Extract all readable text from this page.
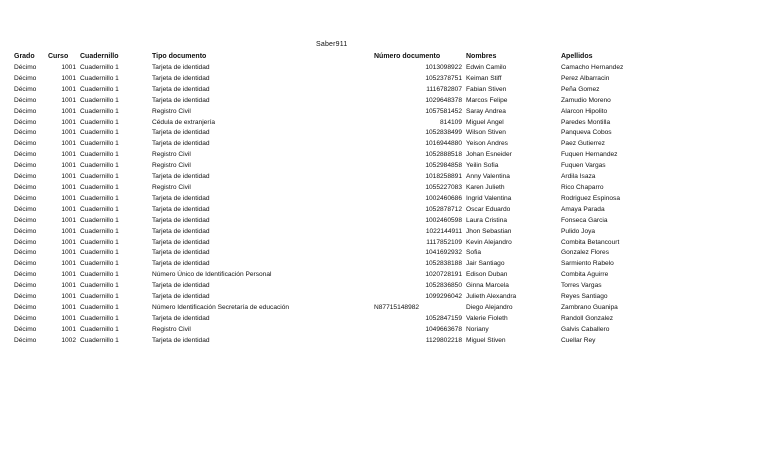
Saber911
Grado	Curso	Cuadernillo	Tipo documento	Número documento	Nombres	Apellidos
Décimo	1001	Cuadernillo 1	Tarjeta de identidad	1013098922	Edwin Camilo	Camacho Hernandez
Décimo	1001	Cuadernillo 1	Tarjeta de identidad	1052378751	Keiman Stiff	Perez Albarracin
Décimo	1001	Cuadernillo 1	Tarjeta de identidad	1116782807	Fabian Stiven	Peña Gomez
Décimo	1001	Cuadernillo 1	Tarjeta de identidad	1029648378	Marcos Felipe	Zamudio Moreno
Décimo	1001	Cuadernillo 1	Registro Civil	1057581452	Saray Andrea	Alarcon Hipolito
Décimo	1001	Cuadernillo 1	Cédula de extranjería	814109	Miguel Angel	Paredes Montilla
Décimo	1001	Cuadernillo 1	Tarjeta de identidad	1052838499	Wilson Stiven	Panqueva Cobos
Décimo	1001	Cuadernillo 1	Tarjeta de identidad	1016944880	Yeison Andres	Paez Gutierrez
Décimo	1001	Cuadernillo 1	Registro Civil	1052888518	Johan Esneider	Fuquen Hernandez
Décimo	1001	Cuadernillo 1	Registro Civil	1052984858	Yeilin Sofia	Fuquen Vargas
Décimo	1001	Cuadernillo 1	Tarjeta de identidad	1018258891	Anny Valentina	Ardila Isaza
Décimo	1001	Cuadernillo 1	Registro Civil	1055227083	Karen Julieth	Rico Chaparro
Décimo	1001	Cuadernillo 1	Tarjeta de identidad	1002460686	Ingrid Valentina	Rodriguez Espinosa
Décimo	1001	Cuadernillo 1	Tarjeta de identidad	1052878712	Oscar Eduardo	Amaya Parada
Décimo	1001	Cuadernillo 1	Tarjeta de identidad	1002460598	Laura Cristina	Fonseca Garcia
Décimo	1001	Cuadernillo 1	Tarjeta de identidad	1022144911	Jhon Sebastian	Pulido Joya
Décimo	1001	Cuadernillo 1	Tarjeta de identidad	1117852109	Kevin Alejandro	Combita Betancourt
Décimo	1001	Cuadernillo 1	Tarjeta de identidad	1041692932	Sofia	Gonzalez Flores
Décimo	1001	Cuadernillo 1	Tarjeta de identidad	1052838188	Jair Santiago	Sarmiento Rabelo
Décimo	1001	Cuadernillo 1	Número Único de Identificación Personal	1020728191	Edison Duban	Combita Aguirre
Décimo	1001	Cuadernillo 1	Tarjeta de identidad	1052836850	Ginna Marcela	Torres Vargas
Décimo	1001	Cuadernillo 1	Tarjeta de identidad	1099296042	Julieth Alexandra	Reyes Santiago
Décimo	1001	Cuadernillo 1	Número Identificación Secretaría de educación	N87715148982	Diego Alejandro	Zambrano Guanipa
Décimo	1001	Cuadernillo 1	Tarjeta de identidad	1052847159	Valerie Fioleth	Randoll Gonzalez
Décimo	1001	Cuadernillo 1	Registro Civil	1049663678	Noriany	Galvis Caballero
Décimo	1002	Cuadernillo 1	Tarjeta de identidad	1129802218	Miguel Stiven	Cuellar Rey
